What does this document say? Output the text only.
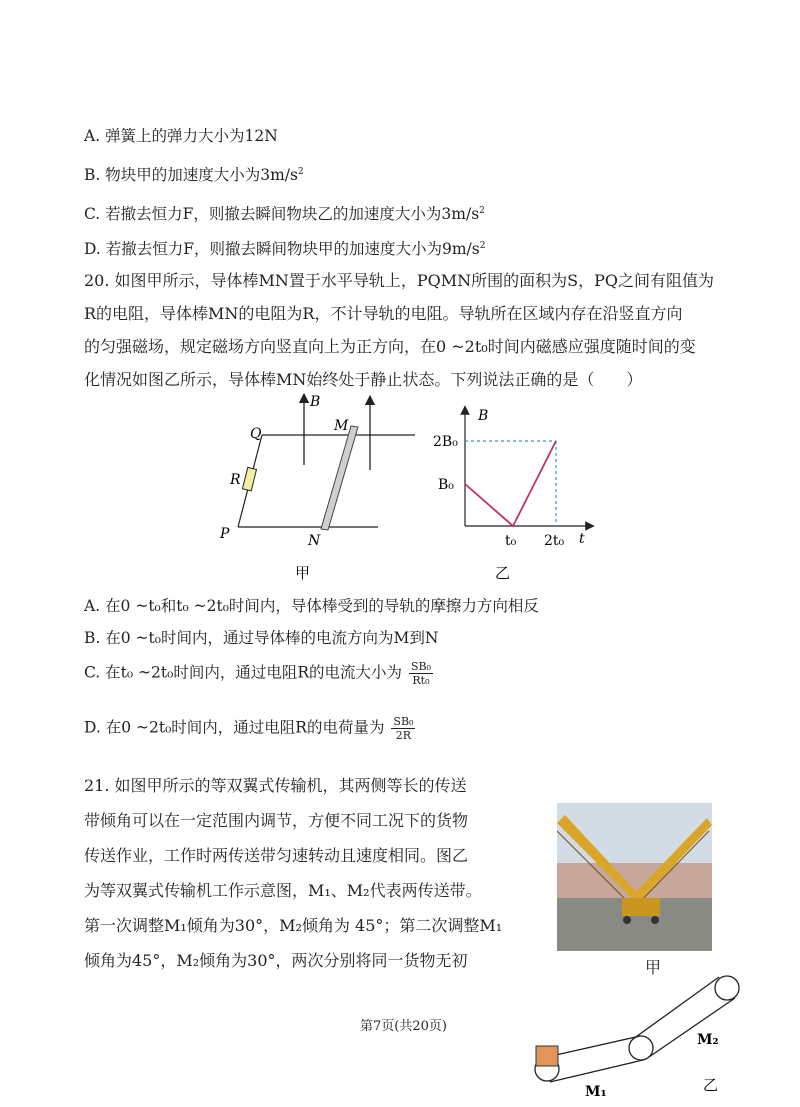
A. 弹簧上的弹力大小为12N
B. 物块甲的加速度大小为$3m/s^2$
C. 若撤去恒力F，则撤去瞬间物块乙的加速度大小为$3m/s^2$
D. 若撤去恒力F，则撤去瞬间物块甲的加速度大小为$9m/s^2$
20. 如图甲所示，导体棒MN置于水平导轨上，PQMN所围的面积为S，PQ之间有阻值为
R的电阻，导体棒MN的电阻为R，不计导轨的电阻。导轨所在区域内存在沿竖直方向
的匀强磁场，规定磁场方向竖直向上为正方向，在0 ~2t₀时间内磁感应强度随时间的变
化情况如图乙所示，导体棒MN始终处于静止状态。下列说法正确的是（　　）
Q	M
B
R
P	N
甲
B
2B₀
B₀
t₀ 2t₀ t
乙
A. 在0 ~t₀和t₀ ~2t₀时间内，导体棒受到的导轨的摩擦力方向相反
B. 在0 ~t₀时间内，通过导体棒的电流方向为M到N
C. 在t₀ ~2t₀时间内，通过电阻R的电流大小为 $\frac{\text{SB₀}}{\text{Rt₀}}$
D. 在0 ~2t₀时间内，通过电阻R的电荷量为 $\frac{\text{SB₀}}{2R}$
21. 如图甲所示的等双翼式传输机，其两侧等长的传送
带倾角可以在一定范围内调节，方便不同工况下的货物
传送作业，工作时两传送带匀速转动且速度相同。图乙
为等双翼式传输机工作示意图，M₁、M₂代表两传送带。
第一次调整M₁倾角为30°，M₂倾角为 45°；第二次调整M₁
倾角为45°，M₂倾角为30°，两次分别将同一货物无初	甲
M₁
M₂
乙
第7页(共20页)
